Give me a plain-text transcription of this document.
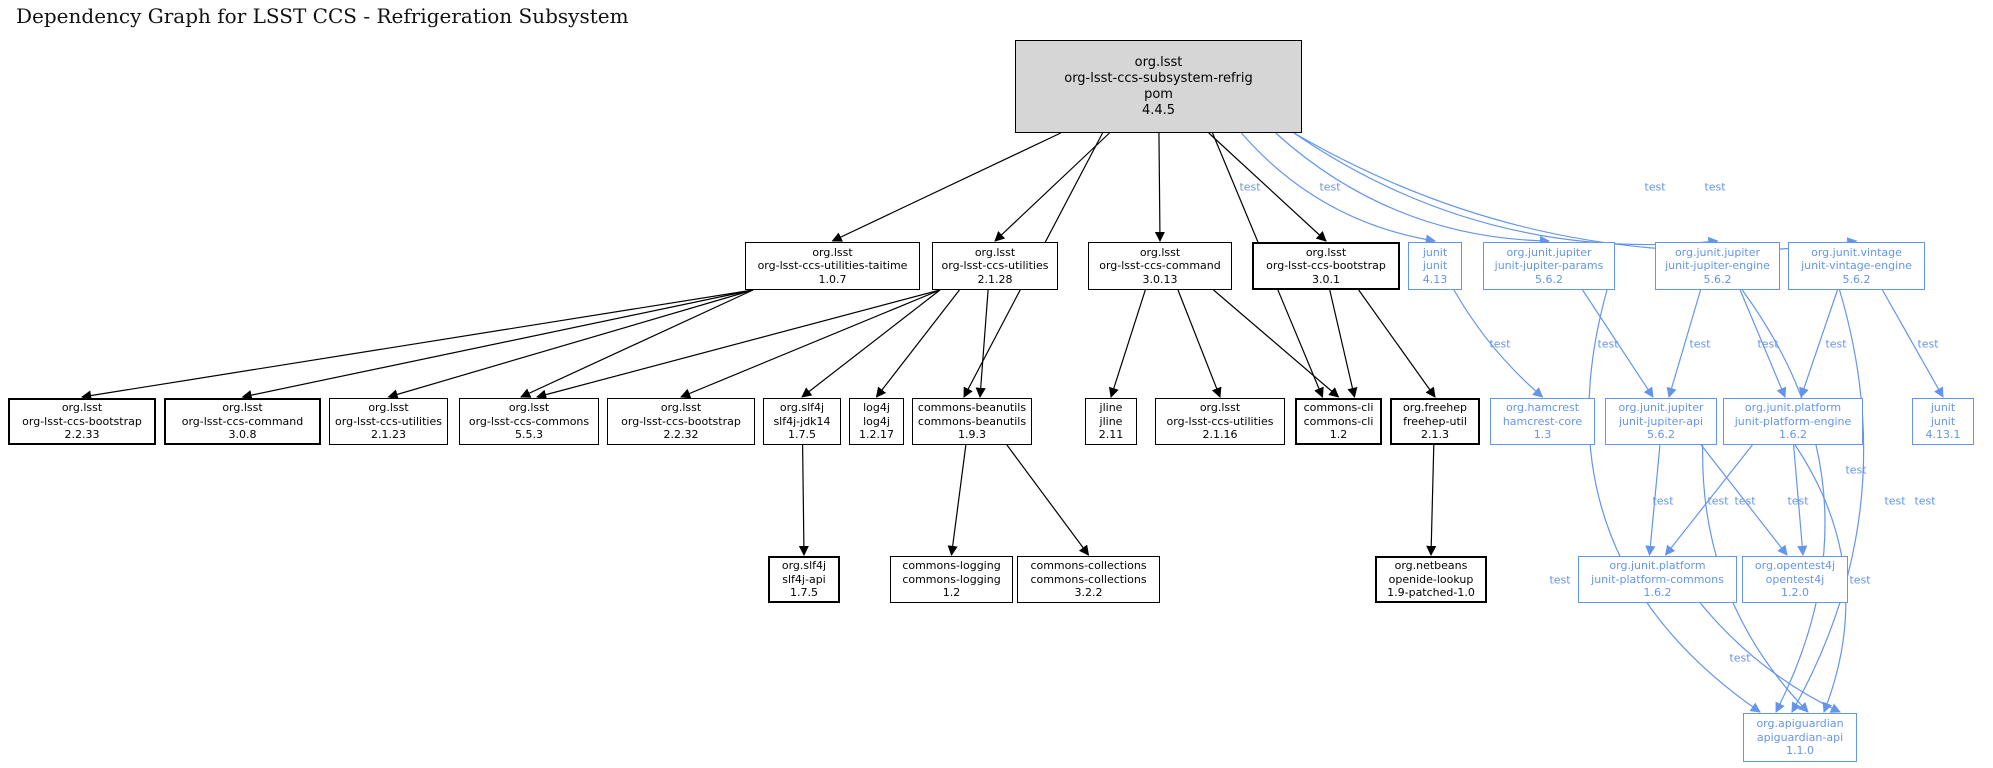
Dependency Graph for LSST CCS - Refrigeration Subsystem
org.lsst
org-lsst-ccs-subsystem-refrig
pom
4.4.5
org.lsst
org-lsst-ccs-utilities-taitime
1.0.7
org.lsst
org-lsst-ccs-utilities
2.1.28
org.lsst
org-lsst-ccs-command
3.0.13
org.lsst
org-lsst-ccs-bootstrap
3.0.1
junit
junit
4.13
org.junit.jupiter
junit-jupiter-params
5.6.2
org.junit.jupiter
junit-jupiter-engine
5.6.2
org.junit.vintage
junit-vintage-engine
5.6.2
org.lsst
org-lsst-ccs-bootstrap
2.2.33
org.lsst
org-lsst-ccs-command
3.0.8
org.lsst
org-lsst-ccs-utilities
2.1.23
org.lsst
org-lsst-ccs-commons
5.5.3
org.lsst
org-lsst-ccs-bootstrap
2.2.32
org.slf4j
slf4j-jdk14
1.7.5
log4j
log4j
1.2.17
commons-beanutils
commons-beanutils
1.9.3
jline
jline
2.11
org.lsst
org-lsst-ccs-utilities
2.1.16
commons-cli
commons-cli
1.2
org.freehep
freehep-util
2.1.3
org.hamcrest
hamcrest-core
1.3
org.junit.jupiter
junit-jupiter-api
5.6.2
org.junit.platform
junit-platform-engine
1.6.2
junit
junit
4.13.1
org.slf4j
slf4j-api
1.7.5
commons-logging
commons-logging
1.2
commons-collections
commons-collections
3.2.2
org.netbeans
openide-lookup
1.9-patched-1.0
org.junit.platform
junit-platform-commons
1.6.2
org.opentest4j
opentest4j
1.2.0
org.apiguardian
apiguardian-api
1.1.0
test	test	test	test
test	test
test
test	test
test
test	test
test
test	test test	test
test
test
test
